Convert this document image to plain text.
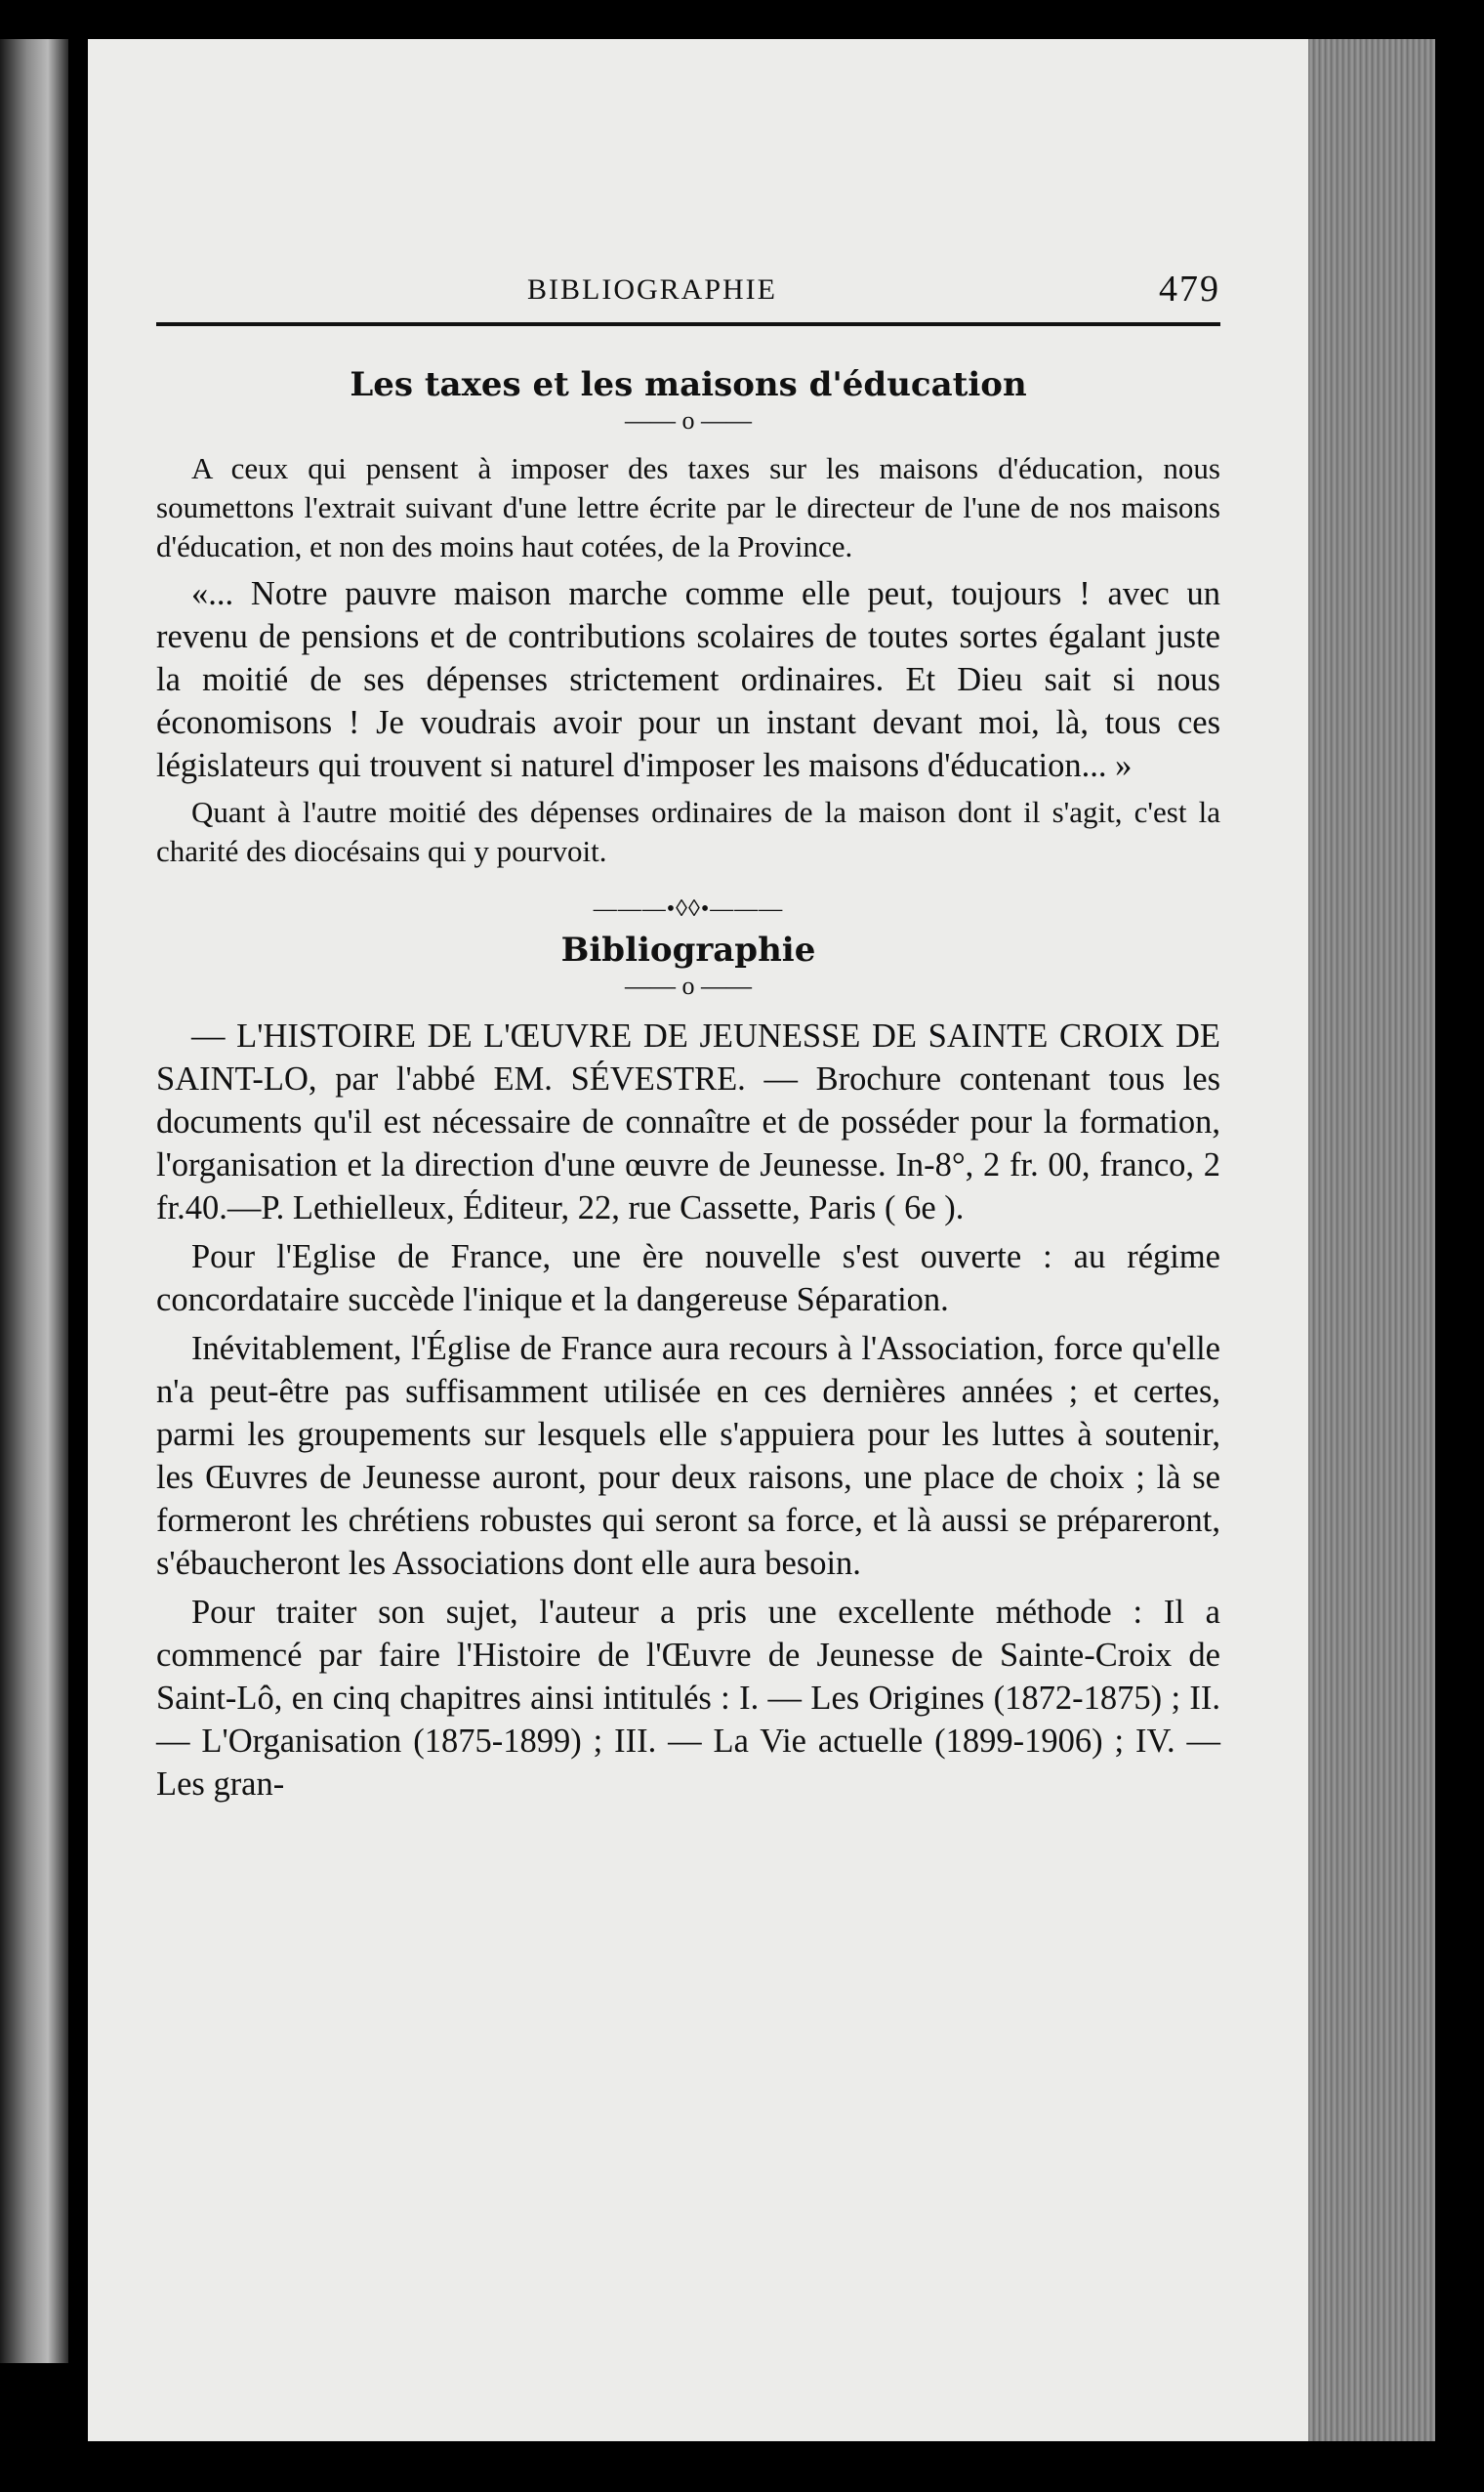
BIBLIOGRAPHIE	479
Les taxes et les maisons d'éducation
—— o ——

A ceux qui pensent à imposer des taxes sur les maisons d'éducation, nous soumettons l'extrait suivant d'une lettre écrite par le directeur de l'une de nos maisons d'éducation, et non des moins haut cotées, de la Province.

«... Notre pauvre maison marche comme elle peut, toujours ! avec un revenu de pensions et de contributions scolaires de toutes sortes égalant juste la moitié de ses dépenses strictement ordinaires. Et Dieu sait si nous économisons ! Je voudrais avoir pour un instant devant moi, là, tous ces législateurs qui trouvent si naturel d'imposer les maisons d'éducation... »

Quant à l'autre moitié des dépenses ordinaires de la maison dont il s'agit, c'est la charité des diocésains qui y pourvoit.

———•◊◊•———
Bibliographie
—— o ——

— L'HISTOIRE DE L'ŒUVRE DE JEUNESSE DE SAINTE CROIX DE SAINT-LO, par l'abbé EM. SÉVESTRE. — Brochure contenant tous les documents qu'il est nécessaire de connaître et de posséder pour la formation, l'organisation et la direction d'une œuvre de Jeunesse. In-8°, 2 fr. 00, franco, 2 fr.40.—P. Lethielleux, Éditeur, 22, rue Cassette, Paris ( 6e ).

Pour l'Eglise de France, une ère nouvelle s'est ouverte : au régime concordataire succède l'inique et la dangereuse Séparation.

Inévitablement, l'Église de France aura recours à l'Association, force qu'elle n'a peut-être pas suffisamment utilisée en ces dernières années ; et certes, parmi les groupements sur lesquels elle s'appuiera pour les luttes à soutenir, les Œuvres de Jeunesse auront, pour deux raisons, une place de choix ; là se formeront les chrétiens robustes qui seront sa force, et là aussi se prépareront, s'ébaucheront les Associations dont elle aura besoin.

Pour traiter son sujet, l'auteur a pris une excellente méthode : Il a commencé par faire l'Histoire de l'Œuvre de Jeunesse de Sainte-Croix de Saint-Lô, en cinq chapitres ainsi intitulés : I. — Les Origines (1872-1875) ; II. — L'Organisation (1875-1899) ; III. — La Vie actuelle (1899-1906) ; IV. — Les gran-
